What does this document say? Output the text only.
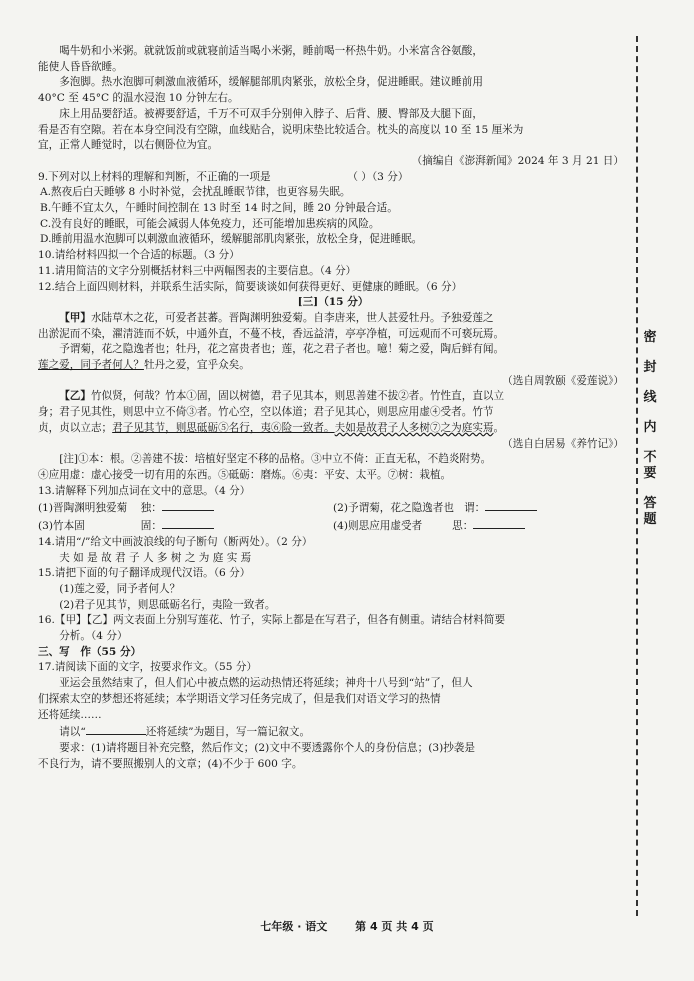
喝牛奶和小米粥。就就饭前或就寝前适当喝小米粥，睡前喝一杯热牛奶。小米富含谷氨酸，

能使人昏昏欲睡。

多泡脚。热水泡脚可刺激血液循环，缓解腿部肌肉紧张，放松全身，促进睡眠。建议睡前用

40°C 至 45°C 的温水浸泡 10 分钟左右。

床上用品要舒适。被褥要舒适，千万不可双手分别伸入脖子、后背、腰、臀部及大腿下面，

看是否有空隙。若在本身空间没有空隙，血线贴合，说明床垫比较适合。枕头的高度以 10 至 15 厘米为

宜，正常人睡觉时，以右侧卧位为宜。

（摘编自《澎湃新闻》2024 年 3 月 21 日）

9.下列对以上材料的理解和判断，不正确的一项是	（ ）（3 分）

A.熬夜后白天睡够 8 小时补觉，会扰乱睡眠节律，也更容易失眠。

B.午睡不宜太久，午睡时间控制在 13 时至 14 时之间，睡 20 分钟最合适。

C.没有良好的睡眠，可能会减弱人体免疫力，还可能增加患疾病的风险。

D.睡前用温水泡脚可以刺激血液循环，缓解腿部肌肉紧张，放松全身，促进睡眠。

10.请给材料四拟一个合适的标题。（3 分）

11.请用简洁的文字分别概括材料三中两幅图表的主要信息。（4 分）

12.结合上面四则材料，并联系生活实际，简要谈谈如何获得更好、更健康的睡眠。（6 分）

[三]（15 分）

【甲】水陆草木之花，可爱者甚蕃。晋陶渊明独爱菊。自李唐来，世人甚爱牡丹。予独爱莲之

出淤泥而不染，濯清涟而不妖，中通外直，不蔓不枝，香远益清，亭亭净植，可远观而不可亵玩焉。

予谓菊，花之隐逸者也；牡丹，花之富贵者也；莲，花之君子者也。噫！菊之爱，陶后鲜有闻。

莲之爱，同予者何人？牡丹之爱，宜乎众矣。

（选自周敦颐《爱莲说》）

【乙】竹似贤，何哉？竹本①固，固以树德，君子见其本，则思善建不拔②者。竹性直，直以立

身；君子见其性，则思中立不倚③者。竹心空，空以体道；君子见其心，则思应用虚④受者。竹节

贞，贞以立志；君子见其节，则思砥砺⑤名行，夷⑥险一致者。夫如是故君子人多树⑦之为庭实焉。

（选自白居易《养竹记》）

[注]①本：根。②善建不拔：培植好坚定不移的品格。③中立不倚：正直无私，不趋炎附势。

④应用虚：虚心接受一切有用的东西。⑤砥砺：磨炼。⑥夷：平安、太平。⑦树：栽植。

13.请解释下列加点词在文中的意思。（4 分）

(1)晋陶渊明独爱菊 独：	(2)予谓菊，花之隐逸者也 谓：
(3)竹本固	固：	(4)则思应用虚受者	思：

14.请用“/”给文中画波浪线的句子断句（断两处）。（2 分）

夫 如 是 故 君 子 人 多 树 之 为 庭 实 焉

15.请把下面的句子翻译成现代汉语。（6 分）

(1)莲之爱，同予者何人？

(2)君子见其节，则思砥砺名行，夷险一致者。

16.【甲】【乙】两文表面上分别写莲花、竹子，实际上都是在写君子，但各有侧重。请结合材料简要

分析。（4 分）

三、写　作（55 分）

17.请阅读下面的文字，按要求作文。（55 分）

亚运会虽然结束了，但人们心中被点燃的运动热情还将延续；神舟十八号到“站”了，但人

们探索太空的梦想还将延续；本学期语文学习任务完成了，但是我们对语文学习的热情

还将延续……

请以“	还将延续”为题目，写一篇记叙文。

要求：(1)请将题目补充完整，然后作文；(2)文中不要透露你个人的身份信息；(3)抄袭是

不良行为，请不要照搬别人的文章；(4)不少于 600 字。

七年级 · 语文	第 4 页 共 4 页
密
封
线
内
不
要
答
题
